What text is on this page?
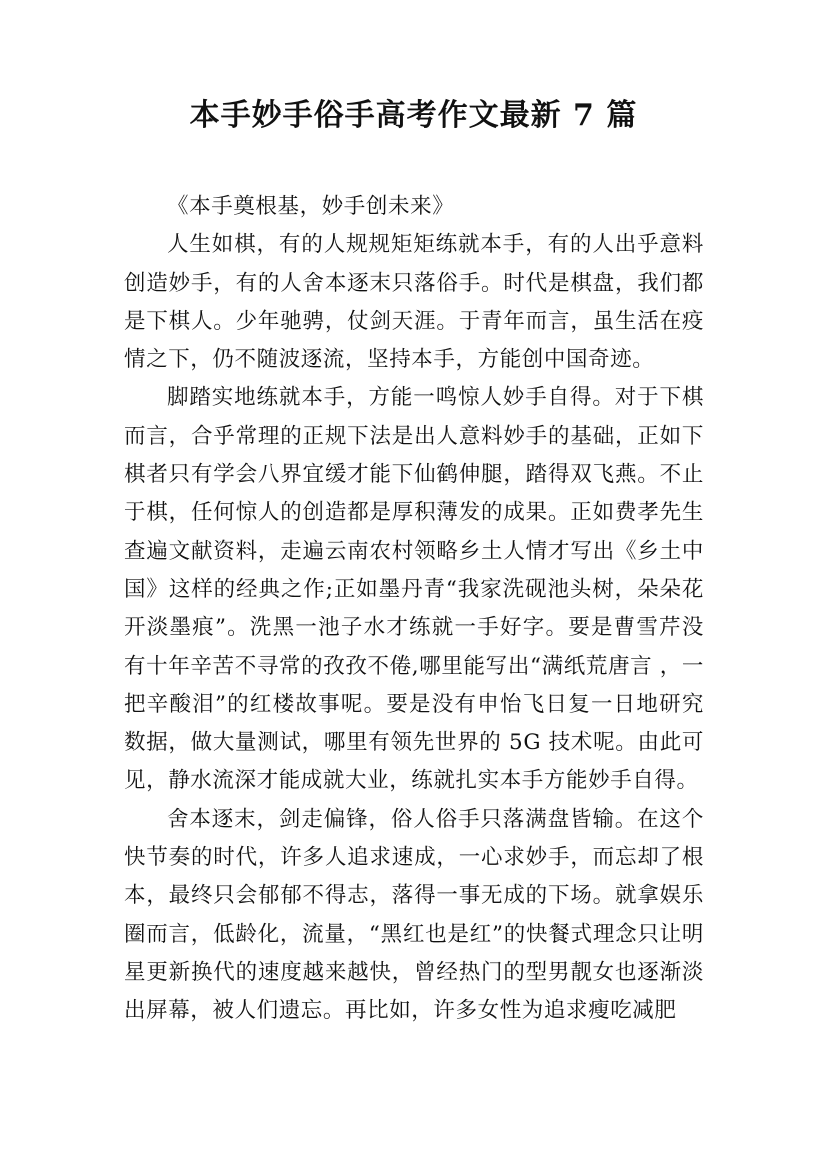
本手妙手俗手高考作文最新 7 篇

《本手奠根基，妙手创未来》

人生如棋，有的人规规矩矩练就本手，有的人出乎意料创造妙手，有的人舍本逐末只落俗手。时代是棋盘，我们都是下棋人。少年驰骋，仗剑天涯。于青年而言，虽生活在疫情之下，仍不随波逐流，坚持本手，方能创中国奇迹。

脚踏实地练就本手，方能一鸣惊人妙手自得。对于下棋而言，合乎常理的正规下法是出人意料妙手的基础，正如下棋者只有学会八界宜缓才能下仙鹤伸腿，踏得双飞燕。不止于棋，任何惊人的创造都是厚积薄发的成果。正如费孝先生查遍文献资料，走遍云南农村领略乡土人情才写出《乡土中国》这样的经典之作;正如墨丹青“我家洗砚池头树，朵朵花开淡墨痕”。洗黑一池子水才练就一手好字。要是曹雪芹没有十年辛苦不寻常的孜孜不倦,哪里能写出“满纸荒唐言 ，一把辛酸泪”的红楼故事呢。要是没有申怡飞日复一日地研究数据，做大量测试，哪里有领先世界的 5G 技术呢。由此可见，静水流深才能成就大业，练就扎实本手方能妙手自得。

舍本逐末，剑走偏锋，俗人俗手只落满盘皆输。在这个快节奏的时代，许多人追求速成，一心求妙手，而忘却了根本，最终只会郁郁不得志，落得一事无成的下场。就拿娱乐圈而言，低龄化，流量，“黑红也是红”的快餐式理念只让明星更新换代的速度越来越快，曾经热门的型男靓女也逐渐淡出屏幕，被人们遗忘。再比如，许多女性为追求瘦吃减肥
